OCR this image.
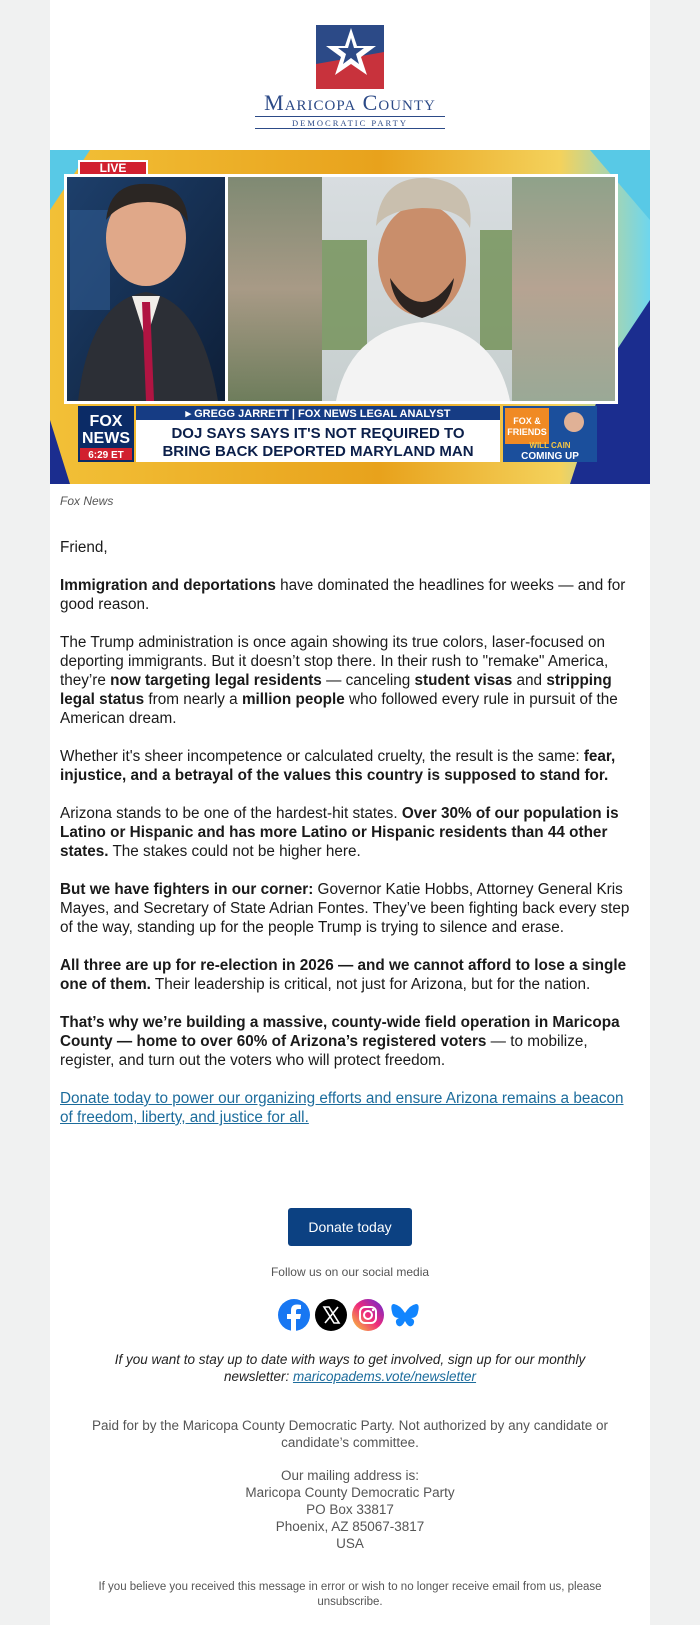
Maricopa County
DEMOCRATIC PARTY
LIVE
FOX
NEWS
6:29 ET
▸ GREGG JARRETT | FOX NEWS LEGAL ANALYST
DOJ SAYS SAYS IT'S NOT REQUIRED TO
BRING BACK DEPORTED MARYLAND MAN
FOX &
FRIENDS
WILL CAIN
COMING UP
Fox News

Friend,

Immigration and deportations have dominated the headlines for weeks — and for good reason.

The Trump administration is once again showing its true colors, laser-focused on deporting immigrants. But it doesn’t stop there. In their rush to "remake" America, they’re now targeting legal residents — canceling student visas and stripping legal status from nearly a million people who followed every rule in pursuit of the American dream.

Whether it's sheer incompetence or calculated cruelty, the result is the same: fear, injustice, and a betrayal of the values this country is supposed to stand for.

Arizona stands to be one of the hardest-hit states. Over 30% of our population is Latino or Hispanic and has more Latino or Hispanic residents than 44 other states. The stakes could not be higher here.

But we have fighters in our corner: Governor Katie Hobbs, Attorney General Kris Mayes, and Secretary of State Adrian Fontes. They’ve been fighting back every step of the way, standing up for the people Trump is trying to silence and erase.

All three are up for re-election in 2026 — and we cannot afford to lose a single one of them. Their leadership is critical, not just for Arizona, but for the nation.

That’s why we’re building a massive, county-wide field operation in Maricopa County — home to over 60% of Arizona’s registered voters — to mobilize, register, and turn out the voters who will protect freedom.

Donate today to power our organizing efforts and ensure Arizona remains a beacon of freedom, liberty, and justice for all.

Donate today
Follow us on our social media
If you want to stay up to date with ways to get involved, sign up for our monthly newsletter: maricopadems.vote/newsletter
Paid for by the Maricopa County Democratic Party. Not authorized by any candidate or candidate’s committee.
Our mailing address is:
Maricopa County Democratic Party
PO Box 33817
Phoenix, AZ 85067-3817
USA
If you believe you received this message in error or wish to no longer receive email from us, please unsubscribe.
